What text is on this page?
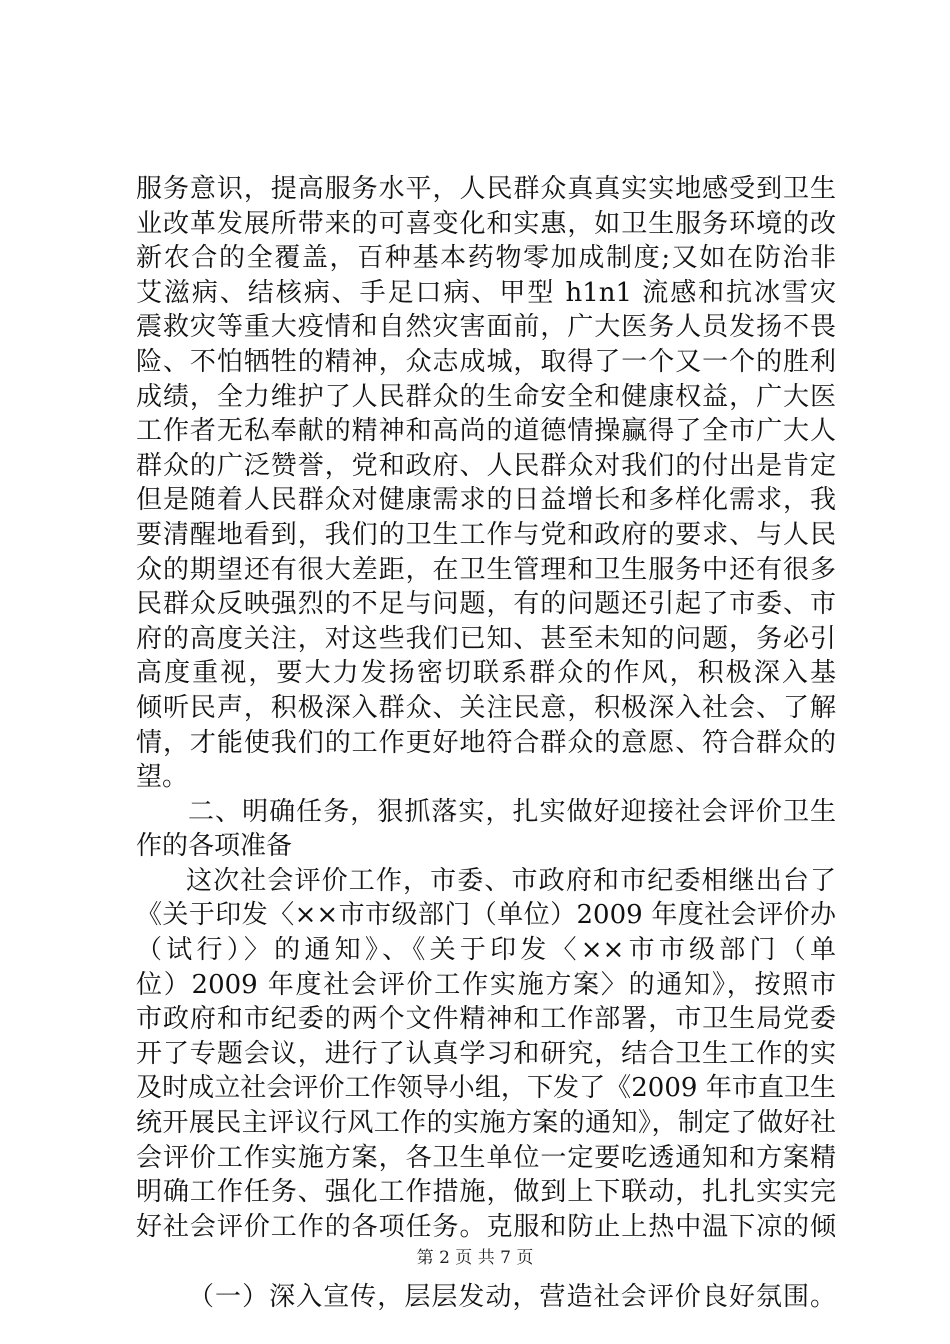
服务意识，提高服务水平，人民群众真真实实地感受到卫生
业改革发展所带来的可喜变化和实惠，如卫生服务环境的改
新农合的全覆盖，百种基本药物零加成制度;又如在防治非
艾滋病、结核病、手足口病、甲型 h1n1 流感和抗冰雪灾
震救灾等重大疫情和自然灾害面前，广大医务人员发扬不畏
险、不怕牺牲的精神，众志成城，取得了一个又一个的胜利
成绩，全力维护了人民群众的生命安全和健康权益，广大医
工作者无私奉献的精神和高尚的道德情操赢得了全市广大人
群众的广泛赞誉，党和政府、人民群众对我们的付出是肯定
但是随着人民群众对健康需求的日益增长和多样化需求，我
要清醒地看到，我们的卫生工作与党和政府的要求、与人民
众的期望还有很大差距，在卫生管理和卫生服务中还有很多
民群众反映强烈的不足与问题，有的问题还引起了市委、市
府的高度关注，对这些我们已知、甚至未知的问题，务必引
高度重视，要大力发扬密切联系群众的作风，积极深入基
倾听民声，积极深入群众、关注民意，积极深入社会、了解
情，才能使我们的工作更好地符合群众的意愿、符合群众的
望。
二、明确任务，狠抓落实，扎实做好迎接社会评价卫生
作的各项准备
这次社会评价工作，市委、市政府和市纪委相继出台了
《关于印发〈××市市级部门（单位）2009 年度社会评价办
（试行）〉的通知》、《关于印发〈××市市级部门（单
位）2009 年度社会评价工作实施方案〉的通知》，按照市
市政府和市纪委的两个文件精神和工作部署，市卫生局党委
开了专题会议，进行了认真学习和研究，结合卫生工作的实
及时成立社会评价工作领导小组，下发了《2009 年市直卫生
统开展民主评议行风工作的实施方案的通知》，制定了做好社
会评价工作实施方案，各卫生单位一定要吃透通知和方案精
明确工作任务、强化工作措施，做到上下联动，扎扎实实完
好社会评价工作的各项任务。克服和防止上热中温下凉的倾
（一）深入宣传，层层发动，营造社会评价良好氛围。
第 2 页 共 7 页
